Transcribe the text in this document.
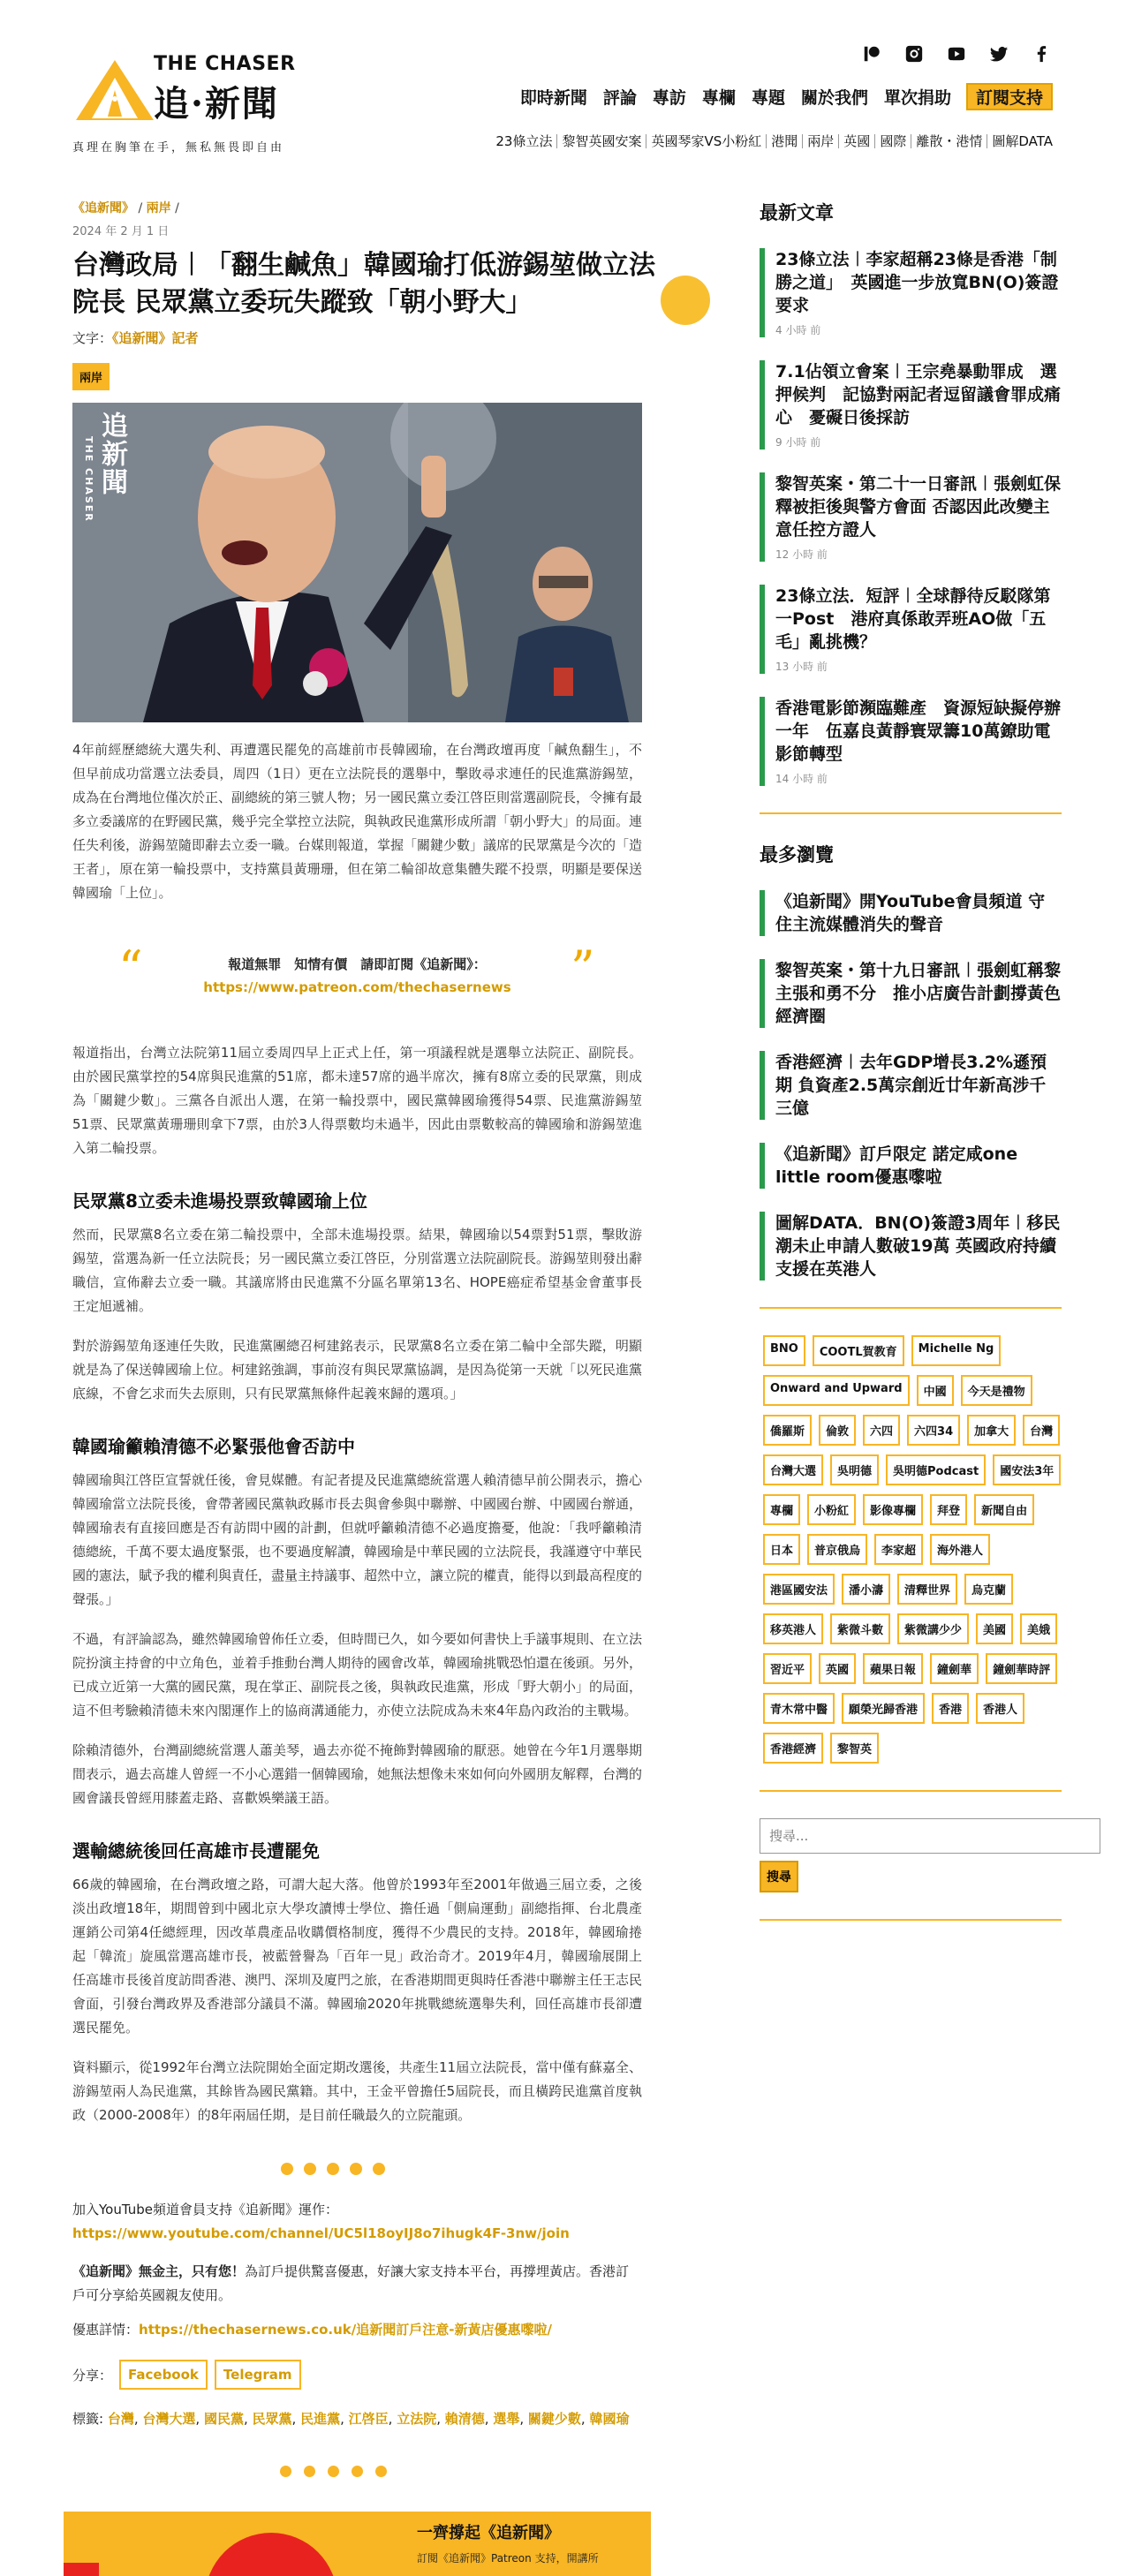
THE CHASER
追·新聞
真理在胸筆在手，無私無畏即自由
即時新聞 評論 專訪 專欄 專題 關於我們 單次捐助	訂閱支持
23條立法 黎智英國安案 英國琴家VS小粉紅 港聞 兩岸 英國 國際 離散・港情 圖解DATA
《追新聞》 / 兩岸 /
2024 年 2 月 1 日
台灣政局︱「翻生鹹魚」韓國瑜打低游錫堃做立法院長 民眾黨立委玩失蹤致「朝小野大」
文字：《追新聞》記者
兩岸
追新聞
THE CHASER

4年前經歷總統大選失利、再遭選民罷免的高雄前市長韓國瑜，在台灣政壇再度「鹹魚翻生」，不但早前成功當選立法委員，周四（1日）更在立法院長的選舉中，擊敗尋求連任的民進黨游錫堃，成為在台灣地位僅次於正、副總統的第三號人物；另一國民黨立委江啓臣則當選副院長，令擁有最多立委議席的在野國民黨，幾乎完全掌控立法院，與執政民進黨形成所謂「朝小野大」的局面。連任失利後，游錫堃隨即辭去立委一職。台媒則報道，掌握「關鍵少數」議席的民眾黨是今次的「造王者」，原在第一輪投票中，支持黨員黃珊珊，但在第二輪卻故意集體失蹤不投票，明顯是要保送韓國瑜「上位」。

“	報道無罪　知情有價　請即訂閱《追新聞》：
https://www.patreon.com/thechasernews	”

報道指出，台灣立法院第11屆立委周四早上正式上任，第一項議程就是選舉立法院正、副院長。由於國民黨掌控的54席與民進黨的51席，都未達57席的過半席次，擁有8席立委的民眾黨，則成為「關鍵少數」。三黨各自派出人選，在第一輪投票中，國民黨韓國瑜獲得54票、民進黨游錫堃51票、民眾黨黃珊珊則拿下7票，由於3人得票數均未過半，因此由票數較高的韓國瑜和游錫堃進入第二輪投票。

民眾黨8立委未進場投票致韓國瑜上位

然而，民眾黨8名立委在第二輪投票中，全部未進場投票。結果，韓國瑜以54票對51票，擊敗游錫堃，當選為新一任立法院長；另一國民黨立委江啓臣，分別當選立法院副院長。游錫堃則發出辭職信，宣佈辭去立委一職。其議席將由民進黨不分區名單第13名、HOPE癌症希望基金會董事長王定旭遞補。

對於游錫堃角逐連任失敗，民進黨團總召柯建銘表示，民眾黨8名立委在第二輪中全部失蹤，明顯就是為了保送韓國瑜上位。柯建銘強調，事前沒有與民眾黨協調，是因為從第一天就「以死民進黨底線，不會乞求而失去原則，只有民眾黨無條件起義來歸的選項。」

韓國瑜籲賴清德不必緊張他會否訪中

韓國瑜與江啓臣宣誓就任後，會見媒體。有記者提及民進黨總統當選人賴清德早前公開表示，擔心韓國瑜當立法院長後，會帶著國民黨執政縣市長去與會參與中聯辦、中國國台辦、中國國台辦通，韓國瑜表有直接回應是否有訪問中國的計劃，但就呼籲賴清德不必過度擔憂，他說：「我呼籲賴清德總統，千萬不要太過度緊張，也不要過度解讀，韓國瑜是中華民國的立法院長，我謹遵守中華民國的憲法，賦予我的權利與責任，盡量主持議事、超然中立，讓立院的權責，能得以到最高程度的聲張。」

不過，有評論認為，雖然韓國瑜曾佈任立委，但時間已久，如今要如何書快上手議事規則、在立法院扮演主持會的中立角色，並着手推動台灣人期待的國會改革，韓國瑜挑戰恐怕還在後頭。另外，已成立近第一大黨的國民黨，現在掌正、副院長之後，與執政民進黨，形成「野大朝小」的局面，這不但考驗賴清德未來內閣運作上的協商溝通能力，亦使立法院成為未來4年島內政治的主戰場。

除賴清德外，台灣副總統當選人蕭美琴，過去亦從不掩飾對韓國瑜的厭惡。她曾在今年1月選舉期間表示，過去高雄人曾經一不小心選錯一個韓國瑜，她無法想像未來如何向外國朋友解釋，台灣的國會議長曾經用膝蓋走路、喜歡娛樂議王語。

選輸總統後回任高雄市長遭罷免

66歲的韓國瑜，在台灣政壇之路，可謂大起大落。他曾於1993年至2001年做過三屆立委，之後淡出政壇18年，期間曾到中國北京大學攻讀博士學位、擔任過「側扁運動」副總指揮、台北農產運銷公司第4任總經理，因改革農產品收購價格制度，獲得不少農民的支持。2018年，韓國瑜捲起「韓流」旋風當選高雄市長，被藍營譽為「百年一見」政治奇才。2019年4月，韓國瑜展開上任高雄市長後首度訪問香港、澳門、深圳及廈門之旅，在香港期間更與時任香港中聯辦主任王志民會面，引發台灣政界及香港部分議員不滿。韓國瑜2020年挑戰總統選舉失利，回任高雄市長卻遭選民罷免。

資料顯示，從1992年台灣立法院開始全面定期改選後，共產生11屆立法院長，當中僅有蘇嘉全、游錫堃兩人為民進黨，其餘皆為國民黨籍。其中，王金平曾擔任5屆院長，而且橫跨民進黨首度執政（2000-2008年）的8年兩屆任期，是目前任職最久的立院龍頭。

加入YouTube頻道會員支持《追新聞》運作：
https://www.youtube.com/channel/UC5l18oyIJ8o7ihugk4F-3nw/join
《追新聞》無金主，只有您！為訂戶提供驚喜優惠，好讓大家支持本平台，再撐埋黃店。香港訂戶可分享給英國親友使用。
優惠詳情：https://thechasernews.co.uk/追新聞訂戶注意-新黃店優惠嚟啦/
分享：	Facebook	Telegram
標籤: 台灣, 台灣大選, 國民黨, 民眾黨, 民進黨, 江啓臣, 立法院, 賴清德, 選舉, 關鍵少數, 韓國瑜
一齊撐起《追新聞》
訂閱《追新聞》Patreon 支持，開講所
最新文章
23條立法︱李家超稱23條是香港「制勝之道」　英國進一步放寬BN(O)簽證要求
4 小時 前
7.1佔領立會案︱王宗堯暴動罪成　選押候判　記協對兩記者逗留議會罪成痛心　憂礙日後採訪
9 小時 前
黎智英案・第二十一日審訊︱張劍虹保釋被拒後與警方會面 否認因此改變主意任控方證人
12 小時 前
23條立法．短評︱全球靜待反駁隊第一Post　港府真係敢弄班AO做「五毛」亂挑機？
13 小時 前
香港電影節瀕臨難產　資源短缺擬停辦一年　伍嘉良黃靜寰眾籌10萬鐐助電影節轉型
14 小時 前
最多瀏覽
《追新聞》開YouTube會員頻道 守住主流媒體消失的聲音
黎智英案・第十九日審訊︱張劍虹稱黎主張和勇不分　推小店廣告計劃撐黃色經濟圈
香港經濟︱去年GDP增長3.2%遜預期 負資產2.5萬宗創近廿年新高涉千三億
《追新聞》訂戶限定 諾定咸one little room優惠嚟啦
圖解DATA．BN(O)簽證3周年︱移民潮未止申請人數破19萬 英國政府持續支援在英港人
BNO	COOTL賀教育	Michelle Ng
Onward and Upward	中國	今天是禮物
僑羅斯	倫敦	六四	六四34	加拿大	台灣
台灣大選	吳明德	吳明德Podcast	國安法3年
專欄	小粉紅	影像專欄	拜登	新聞自由
日本	普京俄烏	李家超	海外港人
港區國安法	潘小濤	清釋世界	烏克蘭
移英港人	紫微斗數	紫微講少少	美國	美娥
習近平	英國	蘋果日報	鐘劍華	鐘劍華時評
青木常中醫	願榮光歸香港	香港	香港人
香港經濟	黎智英
搜尋...
搜尋
